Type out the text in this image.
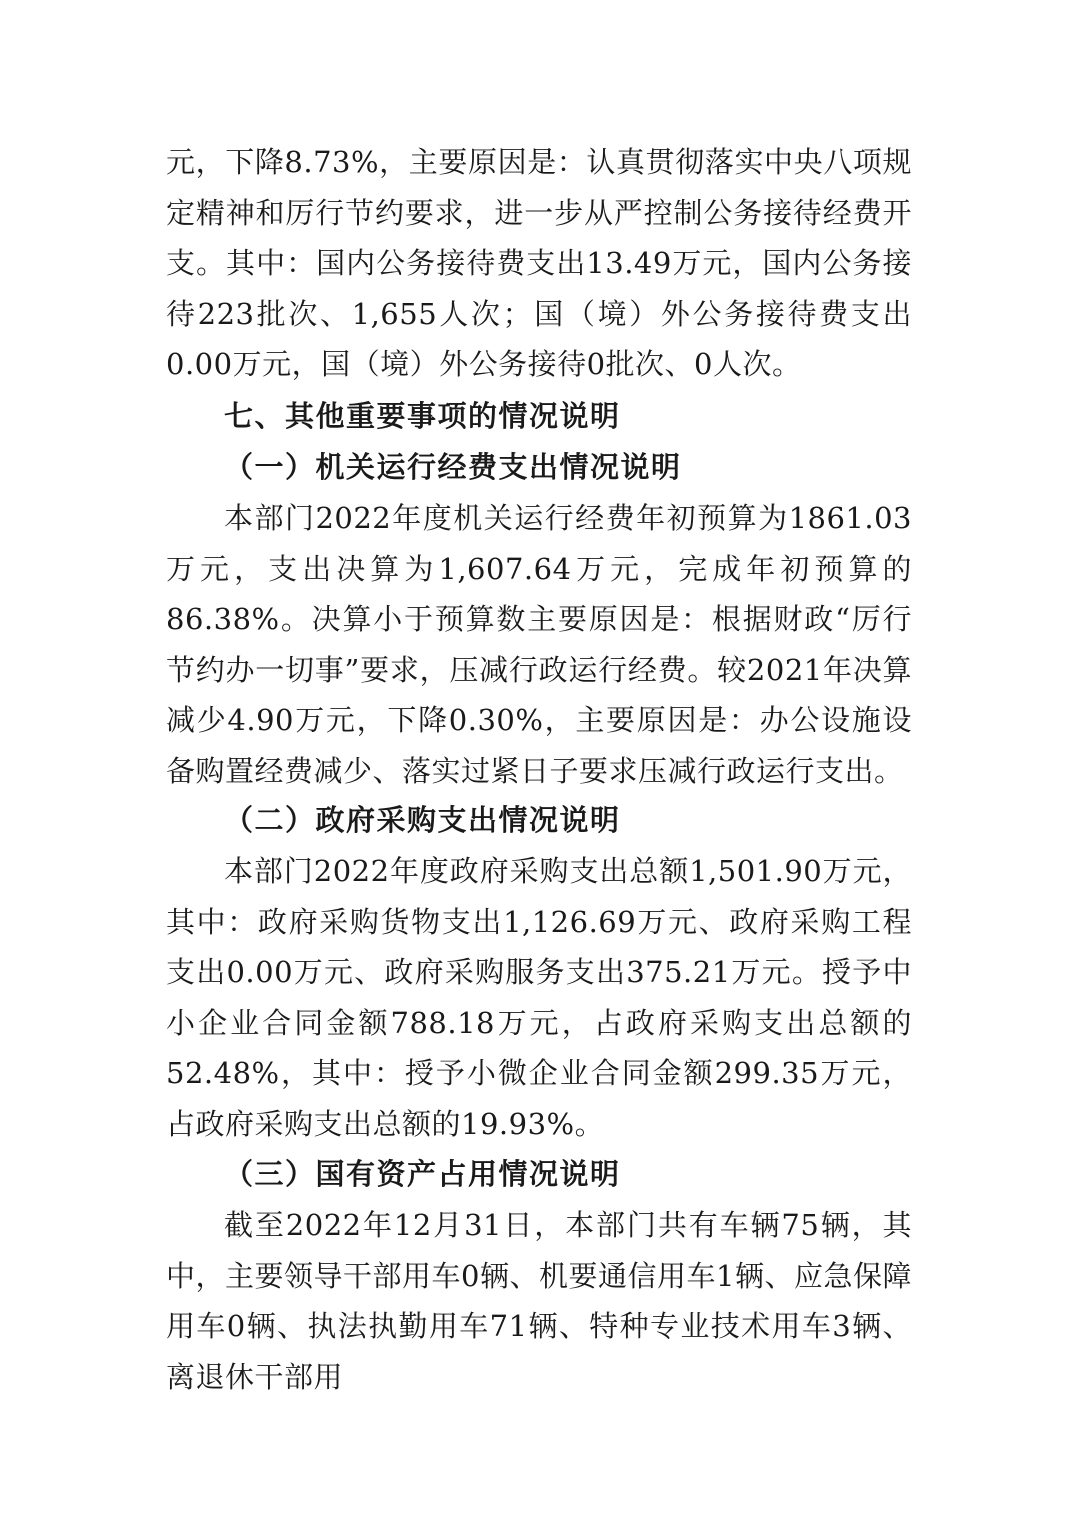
元，下降8.73%，主要原因是：认真贯彻落实中央八项规定精神和厉行节约要求，进一步从严控制公务接待经费开支。其中：国内公务接待费支出13.49万元，国内公务接待223批次、1,655人次；国（境）外公务接待费支出0.00万元，国（境）外公务接待0批次、0人次。

七、其他重要事项的情况说明
（一）机关运行经费支出情况说明

本部门2022年度机关运行经费年初预算为1861.03万元，支出决算为1,607.64万元，完成年初预算的86.38%。决算小于预算数主要原因是：根据财政“厉行节约办一切事”要求，压减行政运行经费。较2021年决算减少4.90万元，下降0.30%，主要原因是：办公设施设备购置经费减少、落实过紧日子要求压减行政运行支出。

（二）政府采购支出情况说明

本部门2022年度政府采购支出总额1,501.90万元，其中：政府采购货物支出1,126.69万元、政府采购工程支出0.00万元、政府采购服务支出375.21万元。授予中小企业合同金额788.18万元，占政府采购支出总额的52.48%，其中：授予小微企业合同金额299.35万元，占政府采购支出总额的19.93%。

（三）国有资产占用情况说明

截至2022年12月31日，本部门共有车辆75辆，其中，主要领导干部用车0辆、机要通信用车1辆、应急保障用车0辆、执法执勤用车71辆、特种专业技术用车3辆、离退休干部用
